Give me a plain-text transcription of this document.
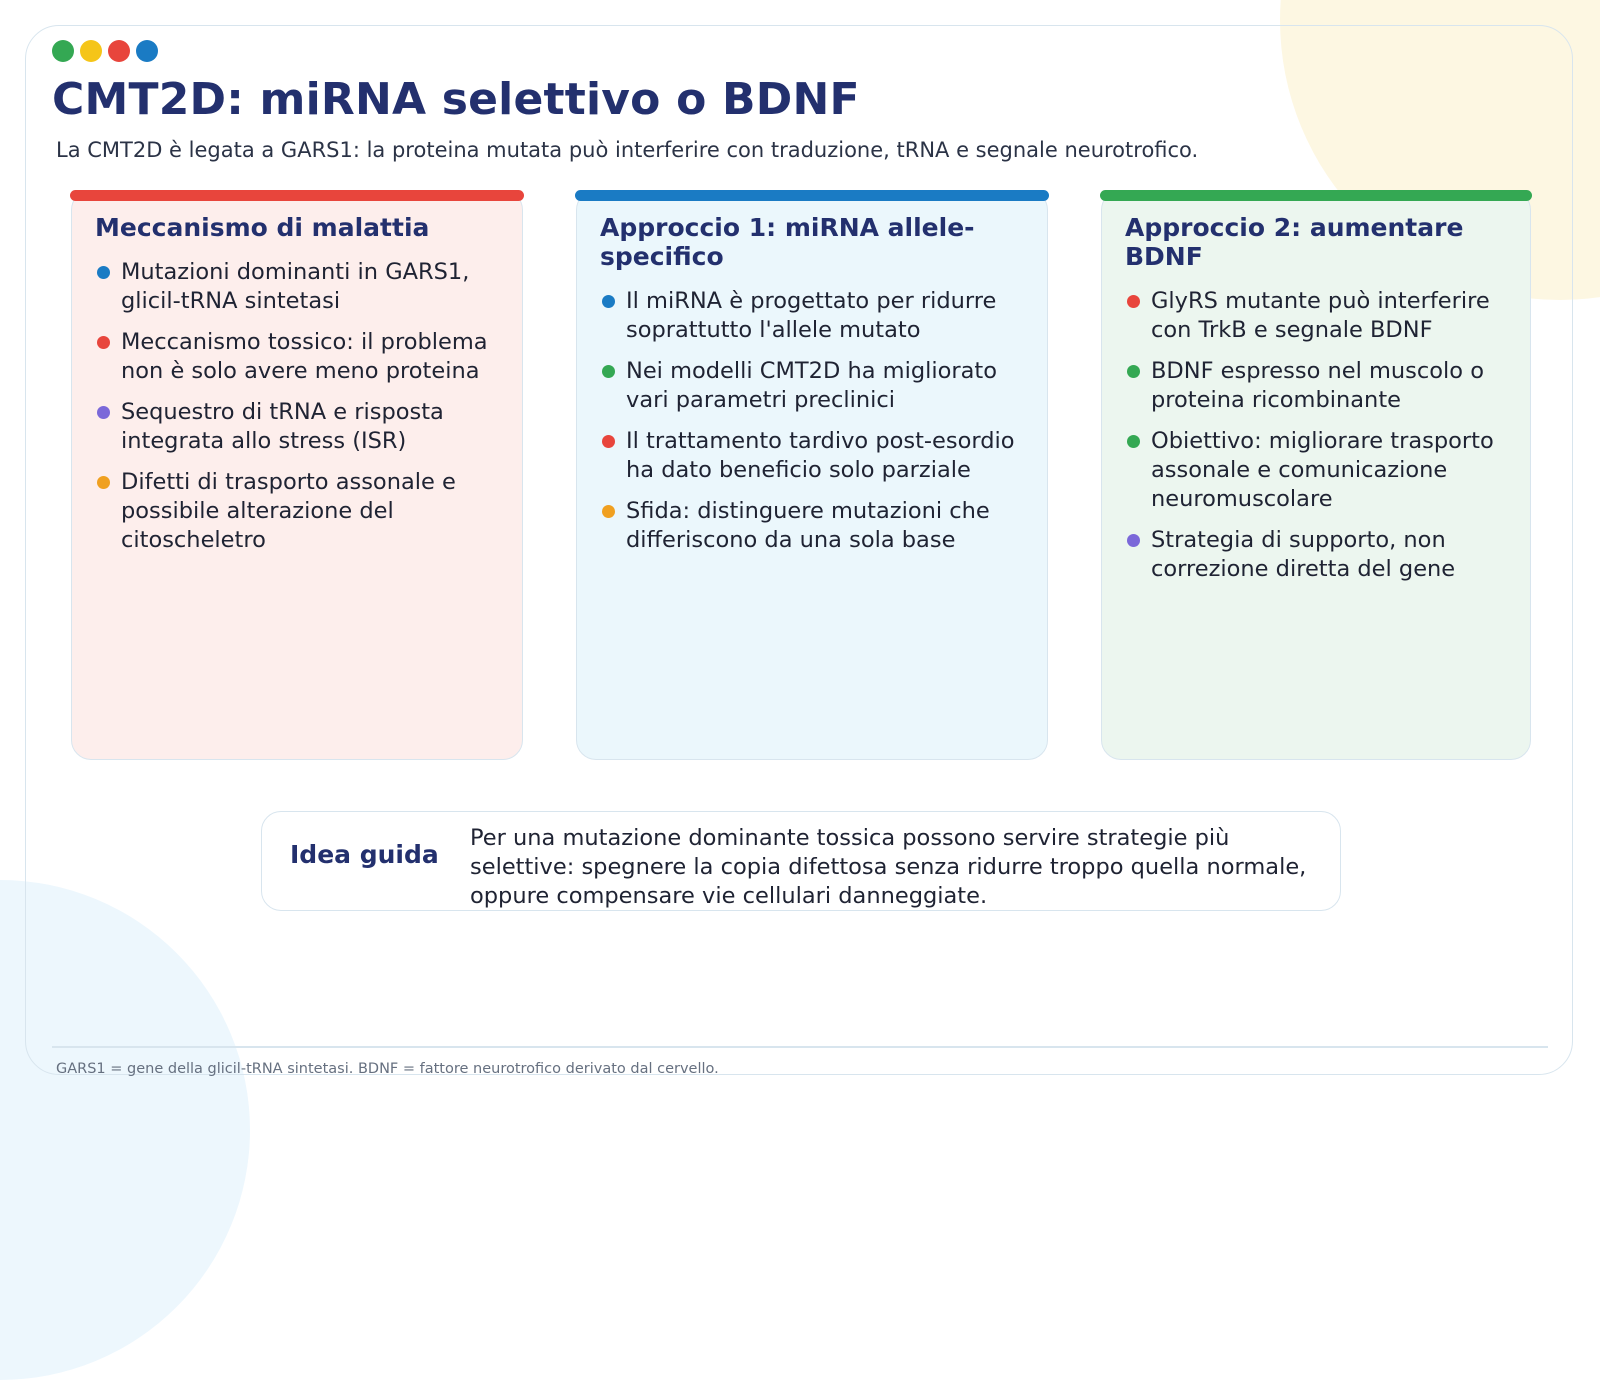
CMT2D: miRNA selettivo o BDNF

La CMT2D è legata a GARS1: la proteina mutata può interferire con traduzione, tRNA e segnale neurotrofico.

Meccanismo di malattia
Mutazioni dominanti in GARS1, glicil-tRNA sintetasi
Meccanismo tossico: il problema non è solo avere meno proteina
Sequestro di tRNA e risposta integrata allo stress (ISR)
Difetti di trasporto assonale e possibile alterazione del citoscheletro
Approccio 1: miRNA allele-specifico
Il miRNA è progettato per ridurre soprattutto l'allele mutato
Nei modelli CMT2D ha migliorato vari parametri preclinici
Il trattamento tardivo post-esordio ha dato beneficio solo parziale
Sfida: distinguere mutazioni che differiscono da una sola base
Approccio 2: aumentare BDNF
GlyRS mutante può interferire con TrkB e segnale BDNF
BDNF espresso nel muscolo o proteina ricombinante
Obiettivo: migliorare trasporto assonale e comunicazione neuromuscolare
Strategia di supporto, non correzione diretta del gene
Idea guida
Per una mutazione dominante tossica possono servire strategie più selettive: spegnere la copia difettosa senza ridurre troppo quella normale, oppure compensare vie cellulari danneggiate.
GARS1 = gene della glicil-tRNA sintetasi. BDNF = fattore neurotrofico derivato dal cervello.
